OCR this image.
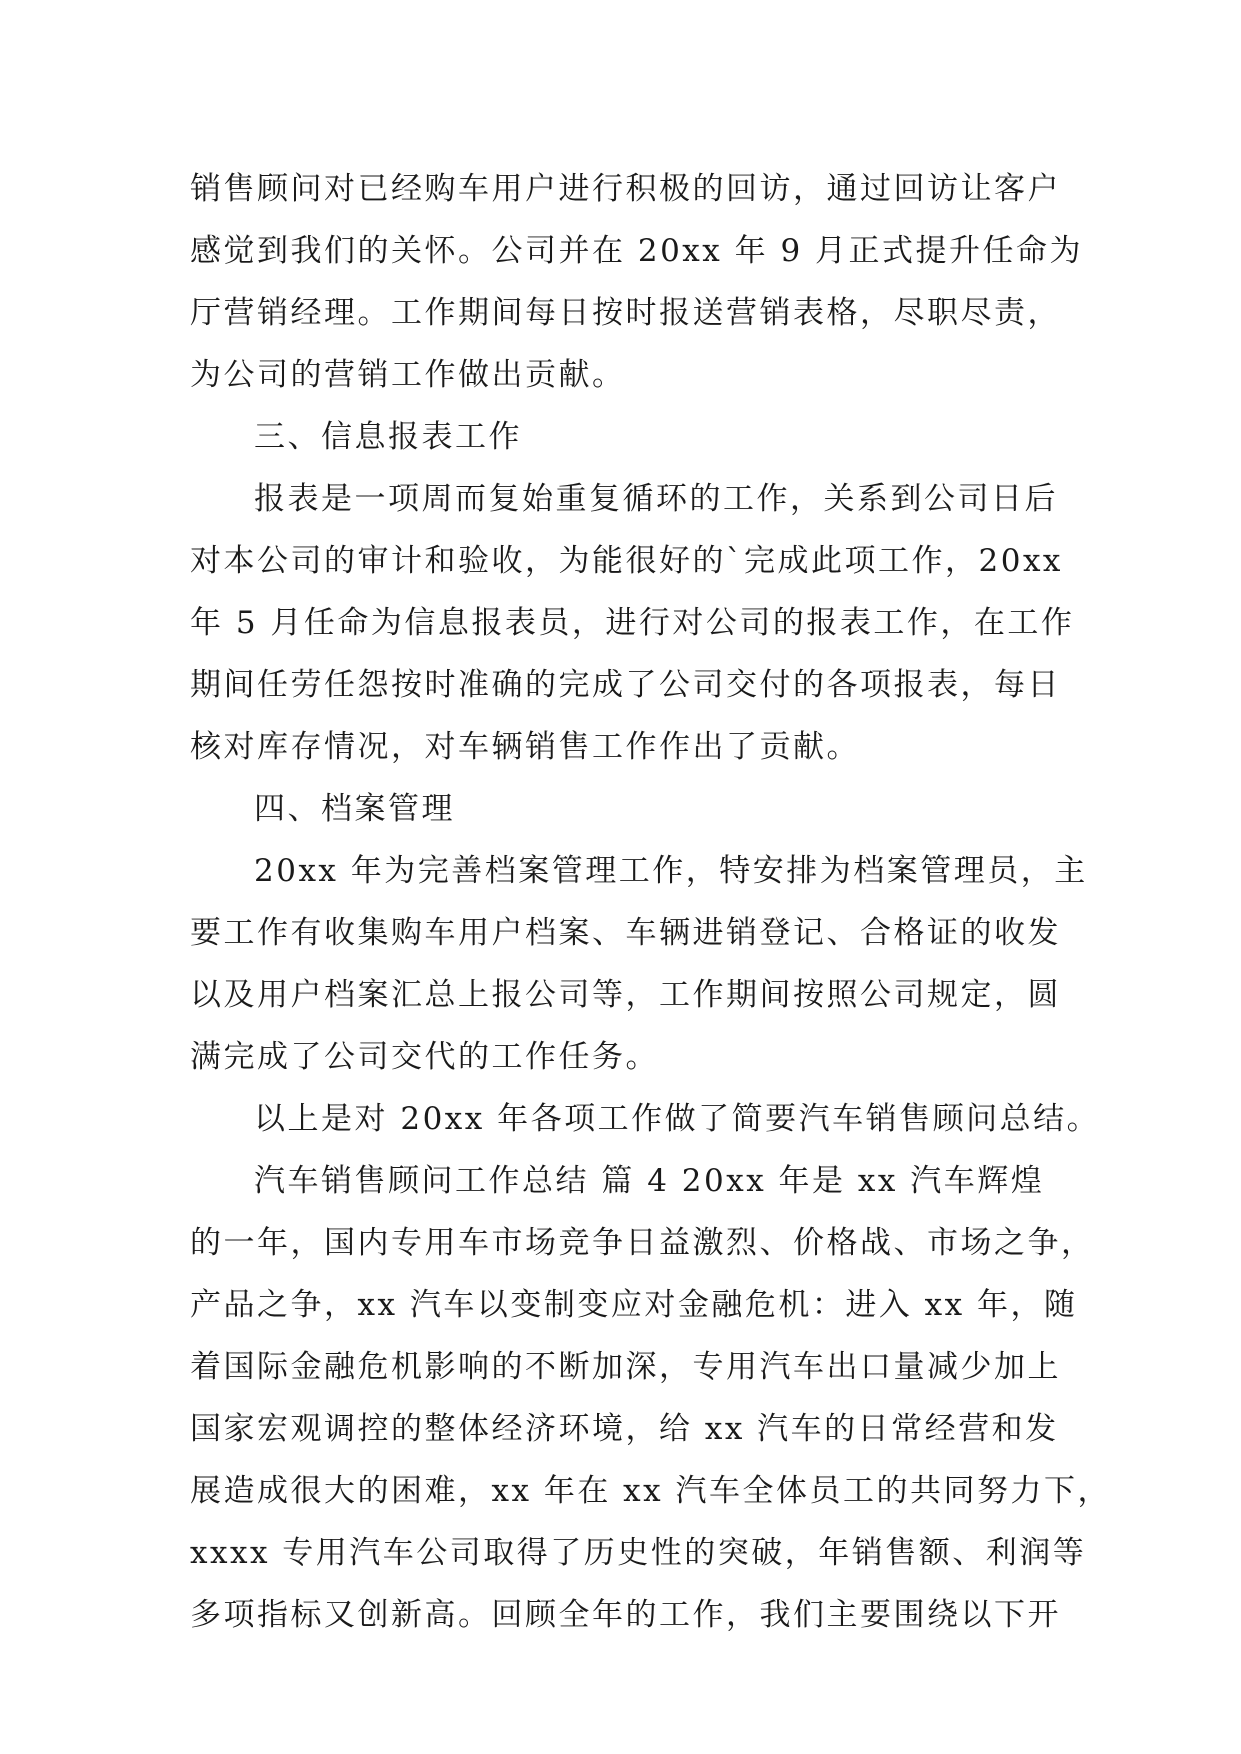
销售顾问对已经购车用户进行积极的回访，通过回访让客户
感觉到我们的关怀。公司并在 20xx 年 9 月正式提升任命为
厅营销经理。工作期间每日按时报送营销表格，尽职尽责，
为公司的营销工作做出贡献。
三、信息报表工作
报表是一项周而复始重复循环的工作，关系到公司日后
对本公司的审计和验收，为能很好的`完成此项工作，20xx
年 5 月任命为信息报表员，进行对公司的报表工作，在工作
期间任劳任怨按时准确的完成了公司交付的各项报表，每日
核对库存情况，对车辆销售工作作出了贡献。
四、档案管理
20xx 年为完善档案管理工作，特安排为档案管理员，主
要工作有收集购车用户档案、车辆进销登记、合格证的收发
以及用户档案汇总上报公司等，工作期间按照公司规定，圆
满完成了公司交代的工作任务。
以上是对 20xx 年各项工作做了简要汽车销售顾问总结。
汽车销售顾问工作总结 篇 4 20xx 年是 xx 汽车辉煌
的一年，国内专用车市场竞争日益激烈、价格战、市场之争，
产品之争，xx 汽车以变制变应对金融危机：进入 xx 年，随
着国际金融危机影响的不断加深，专用汽车出口量减少加上
国家宏观调控的整体经济环境，给 xx 汽车的日常经营和发
展造成很大的困难，xx 年在 xx 汽车全体员工的共同努力下，
xxxx 专用汽车公司取得了历史性的突破，年销售额、利润等
多项指标又创新高。回顾全年的工作，我们主要围绕以下开
